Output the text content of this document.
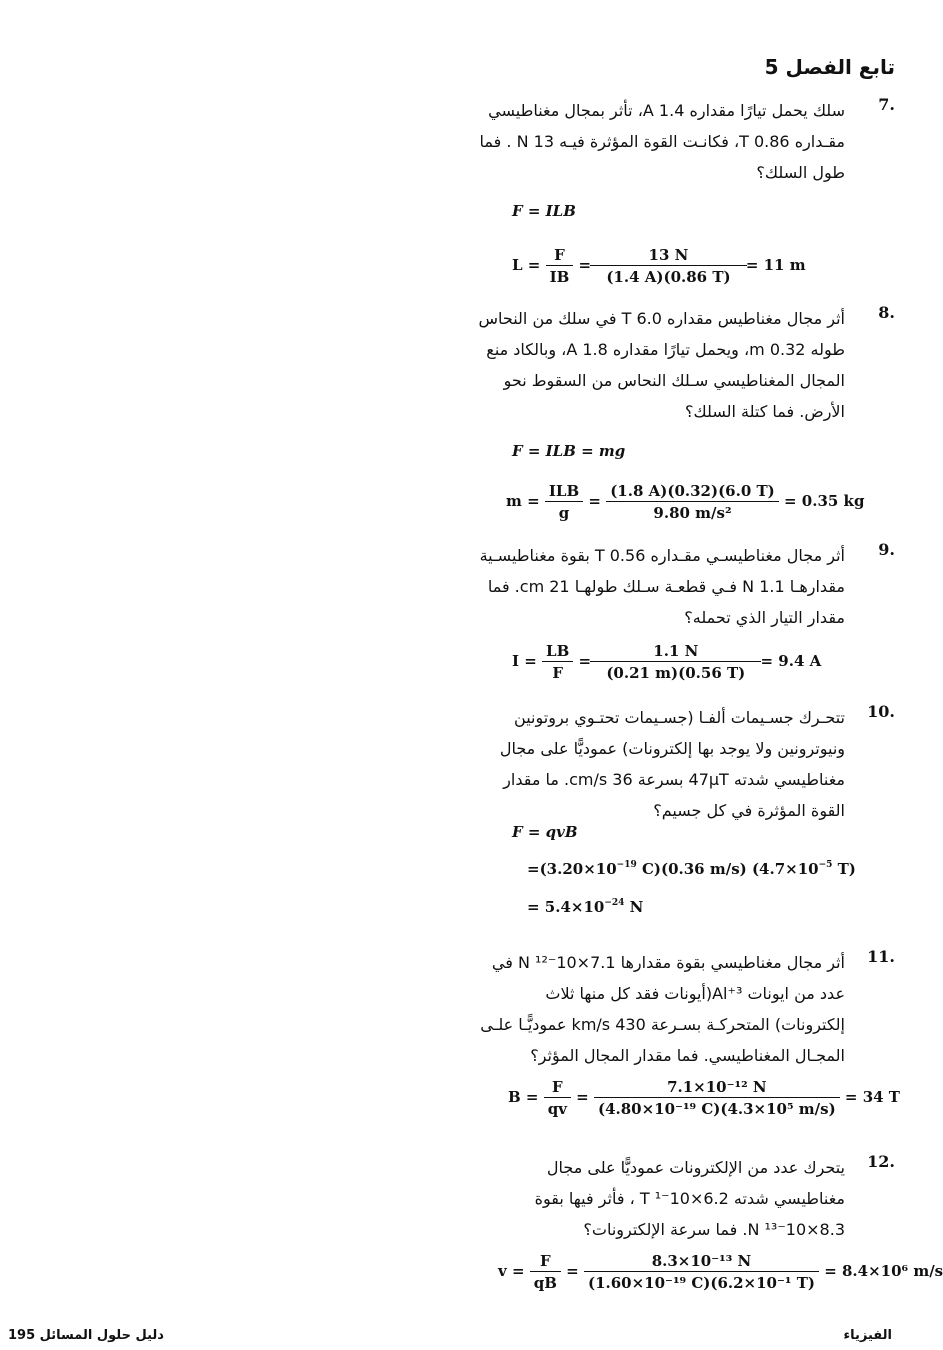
تابع الفصل 5
.7
سلك يحمل تيارًا مقداره 1.4 A، تأثر بمجال مغناطيسي مقـداره 0.86 T، فكانـت القوة المؤثرة فيـه 13 N . فما طول السلك؟
F = ILB
$L = \frac{F}{IB} = \frac{13 N}{(1.4 A)(0.86 T)} = 11$ m
.8
أثر مجال مغناطيس مقداره 6.0 T في سلك من النحاس طوله 0.32 m، ويحمل تيارًا مقداره 1.8 A، وبالكاد منع المجال المغناطيسي سـلك النحاس من السقوط نحو الأرض. فما كتلة السلك؟
F = ILB = mg
$m = \frac{\text{ILB}}{g} = \frac{(1.8 A)(0.32)(6.0 T)}{\text{9.80 m/s²}} = 0.35$ kg
.9
أثر مجال مغناطيسـي مقـداره 0.56 T بقوة مغناطيسـية مقدارهـا 1.1 N فـي قطعـة سـلك طولهـا 21 cm. فما مقدار التيار الذي تحمله؟
$I = \frac{LB}{F} = \frac{1.1 N}{(0.21 m)(0.56 T)} = 9.4$ A
.10
تتحـرك جسـيمات ألفـا (جسـيمات تحتـوي بروتونين ونيوترونين ولا يوجد بها إلكترونات) عموديًّا على مجال مغناطيسي شدته 47μT بسرعة 36 cm/s. ما مقدار القوة المؤثرة في كل جسيم؟
F = qvB
$=(3.20\times 10^{-19}$ C)(0.36 m/s) ($4.7\times 10^{-5}$ T)
= $5.4\times 10^{-24}$ N
.11
أثر مجال مغناطيسي بقوة مقدارها 7.1×10⁻¹² N في عدد من ايونات Al⁺³(أيونات فقد كل منها ثلاث إلكترونات) المتحركـة بسـرعة 430 km/s عموديًّـا علـى المجـال المغناطيسي. فما مقدار المجال المؤثر؟
$B = \frac{F}{qv} = \frac{\text{7.1×10⁻¹² N}}{\text{(4.80×10⁻¹⁹ C)(4.3×10⁵ m/s)}} = 34$ T
.12
يتحرك عدد من الإلكترونات عموديًّا على مجال مغناطيسي شدته 6.2×10⁻¹ T ، فأثر فيها بقوة 8.3×10⁻¹³ N. فما سرعة الإلكترونات؟
$v = \frac{F}{qB} = \frac{\text{8.3×10⁻¹³ N}}{\text{(1.60×10⁻¹⁹ C)(6.2×10⁻¹ T)}} = 8.4\times 10^6$ m/s
195 دليل حلول المسائل	الفيزياء
